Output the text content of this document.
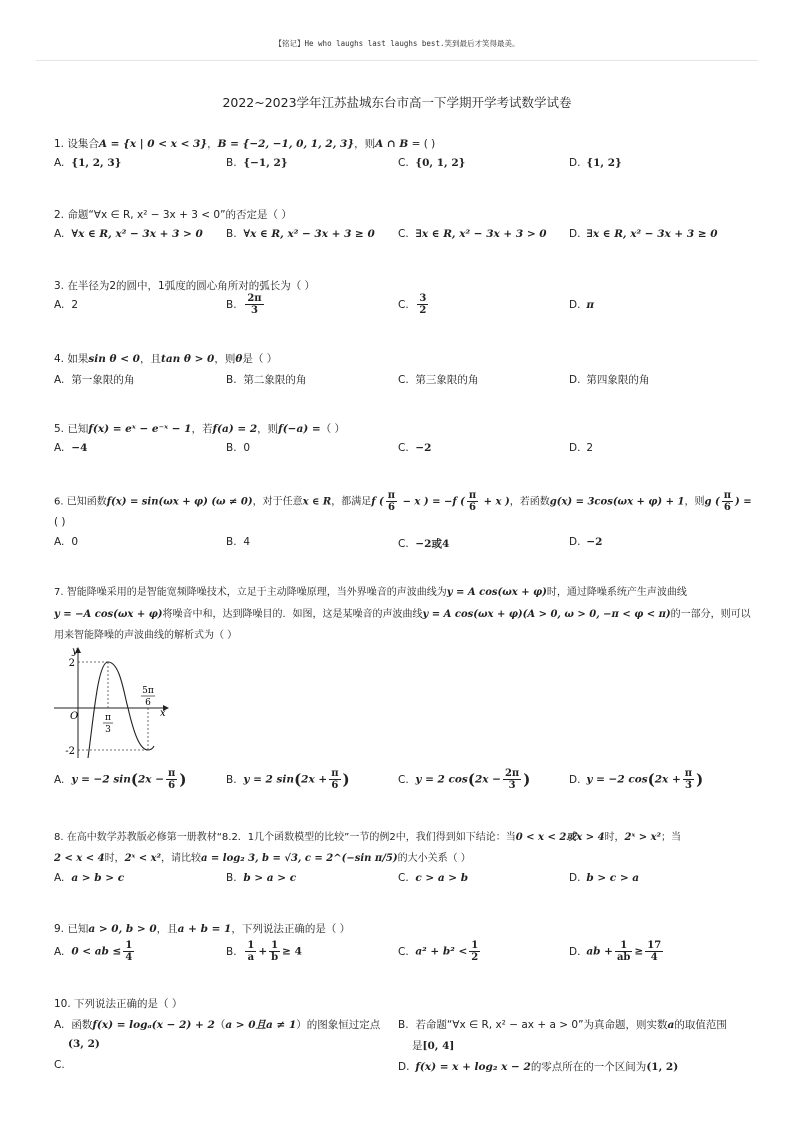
【铭记】He who laughs last laughs best.笑到最后才笑得最美。
2022~2023学年江苏盐城东台市高一下学期开学考试数学试卷
1. 设集合A = {x | 0 < x < 3}，B = {−2, −1, 0, 1, 2, 3}，则A ∩ B = ( )
A. {1, 2, 3}	B. {−1, 2}	C. {0, 1, 2}	D. {1, 2}
2. 命题“∀x ∈ R, x² − 3x + 3 < 0”的否定是（ ）
A. ∀x ∈ R, x² − 3x + 3 > 0 B. ∀x ∈ R, x² − 3x + 3 ≥ 0 C. ∃x ∈ R, x² − 3x + 3 > 0 D. ∃x ∈ R, x² − 3x + 3 ≥ 0
3. 在半径为2的圆中，1弧度的圆心角所对的弧长为（ ）
A. 2	B. $\frac{2\pi}{3}$	C. $\frac{3}{2}$	D. π
4. 如果sin θ < 0，且tan θ > 0，则θ是（ ）
A. 第一象限的角	B. 第二象限的角	C. 第三象限的角	D. 第四象限的角
5. 已知f(x) = eˣ − e⁻ˣ − 1，若f(a) = 2，则f(−a) =（ ）
A. −4	B. 0	C. −2	D. 2
6. 已知函数f(x) = sin(ωx + φ) (ω ≠ 0)，对于任意x ∈ R，都满足f ( $\frac{\pi}{6} - x$ ) = −f ( $\frac{\pi}{6} + x$ )，若函数g(x) = 3cos(ωx + φ) + 1，则g ( $\frac{\pi}{6}$ ) =
( )
A. 0	B. 4	C. −2或4	D. −2
7. 智能降噪采用的是智能宽频降噪技术，立足于主动降噪原理，当外界噪音的声波曲线为y = A cos(ωx + φ)时，通过降噪系统产生声波曲线
y = −A cos(ωx + φ)将噪音中和，达到降噪目的．如图，这是某噪音的声波曲线y = A cos(ωx + φ)(A > 0, ω > 0, −π < φ < π)的一部分，则可以
用来智能降噪的声波曲线的解析式为（ ）
y
x
O
2
-2
π
3
5π
6
A. y = −2 $\sin(2x - \frac{\pi}{6}$ )	B. y = 2 $\sin(2x + \frac{\pi}{6}$ )	C. y = 2 $\cos(2x - \frac{2\pi}{3}$ )	D. y = −2 $\cos(2x + \frac{\pi}{3}$ )
8. 在高中数学苏教版必修第一册教材“8.2．1几个函数模型的比较”一节的例2中，我们得到如下结论：当0 < x < 2或x > 4时，2ˣ > x²；当
2 < x < 4时，2ˣ < x²，请比较a = log₂ 3, b = √3, c = 2^(−sin π/5)的大小关系（ ）
A. a > b > c	B. b > a > c	C. c > a > b	D. b > c > a
9. 已知a > 0, b > 0，且a + b = 1，下列说法正确的是（ ）
A. 0 < ab ≤ $\frac{1}{4}$	B. $\frac{1}{a} + \frac{1}{b} \ge 4$	C. $a^2 + b^2 < \frac{1}{2}$	D. ab + $\frac{1}{ab} \ge \frac{17}{4}$
10. 下列说法正确的是（ ）
A. 函数f(x) = logₐ(x − 2) + 2（a > 0且a ≠ 1）的图象恒过定点
(3, 2)
B. 若命题“∀x ∈ R, x² − ax + a > 0”为真命题，则实数a的取值范围
是[0, 4]
C.	D. f(x) = x + log₂ x − 2的零点所在的一个区间为(1, 2)
